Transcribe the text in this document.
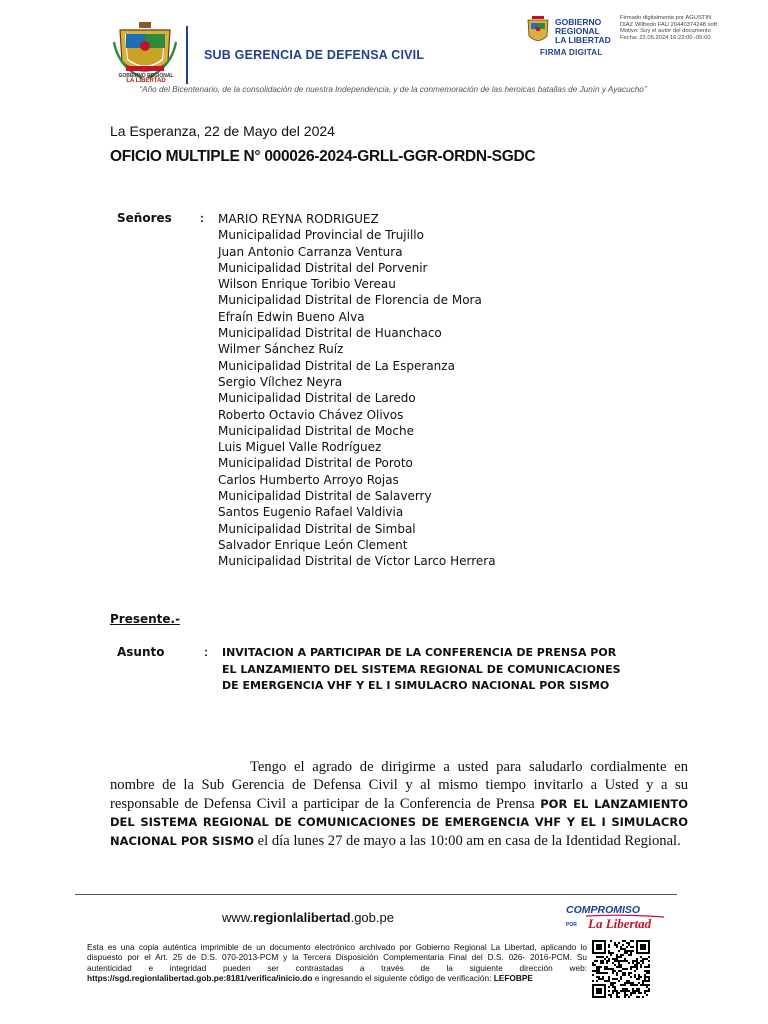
GOBIERNO REGIONAL
LA LIBERTAD
SUB GERENCIA DE DEFENSA CIVIL
“Año del Bicentenario, de la consolidación de nuestra Independencia, y de la conmemoración de las heroicas batallas de Junín y Ayacucho”
GOBIERNO
REGIONAL
LA LIBERTAD
FIRMA DIGITAL
Firmado digitalmente por AGUSTIN
DIAZ Wilfredo FAU 20440374248 soft
Motivo: Soy el autor del documento
Fecha: 22.05.2024 16:22:00 -05:00
La Esperanza, 22 de Mayo del 2024
OFICIO MULTIPLE N° 000026-2024-GRLL-GGR-ORDN-SGDC
Señores : MARIO REYNA RODRIGUEZ
Municipalidad Provincial de Trujillo
Juan Antonio Carranza Ventura
Municipalidad Distrital del Porvenir
Wilson Enrique Toribio Vereau
Municipalidad Distrital de Florencia de Mora
Efraín Edwin Bueno Alva
Municipalidad Distrital de Huanchaco
Wilmer Sánchez Ruíz
Municipalidad Distrital de La Esperanza
Sergio Vílchez Neyra
Municipalidad Distrital de Laredo
Roberto Octavio Chávez Olivos
Municipalidad Distrital de Moche
Luis Miguel Valle Rodríguez
Municipalidad Distrital de Poroto
Carlos Humberto Arroyo Rojas
Municipalidad Distrital de Salaverry
Santos Eugenio Rafael Valdivia
Municipalidad Distrital de Simbal
Salvador Enrique León Clement
Municipalidad Distrital de Víctor Larco Herrera
Presente.-
Asunto	: INVITACION A PARTICIPAR DE LA CONFERENCIA DE PRENSA POR EL LANZAMIENTO DEL SISTEMA REGIONAL DE COMUNICACIONES DE EMERGENCIA VHF Y EL I SIMULACRO NACIONAL POR SISMO
Tengo el agrado de dirigirme a usted para saludarlo cordialmente en nombre de la Sub Gerencia de Defensa Civil y al mismo tiempo invitarlo a Usted y a su responsable de Defensa Civil a participar de la Conferencia de Prensa POR EL LANZAMIENTO DEL SISTEMA REGIONAL DE COMUNICACIONES DE EMERGENCIA VHF Y EL I SIMULACRO NACIONAL POR SISMO el día lunes 27 de mayo a las 10:00 am en casa de la Identidad Regional.
www.regionlalibertad.gob.pe	COMPROMISO
POR La Libertad
Esta es una copia auténtica imprimible de un documento electrónico archivado por Gobierno Regional La Libertad, aplicando lo dispuesto por el Art. 25 de D.S. 070-2013-PCM y la Tercera Disposición Complementaria Final del D.S. 026- 2016-PCM. Su autenticidad e integridad pueden ser contrastadas a través de la siguiente dirección web: https://sgd.regionlalibertad.gob.pe:8181/verifica/inicio.do e ingresando el siguiente código de verificación: LEFOBPE
